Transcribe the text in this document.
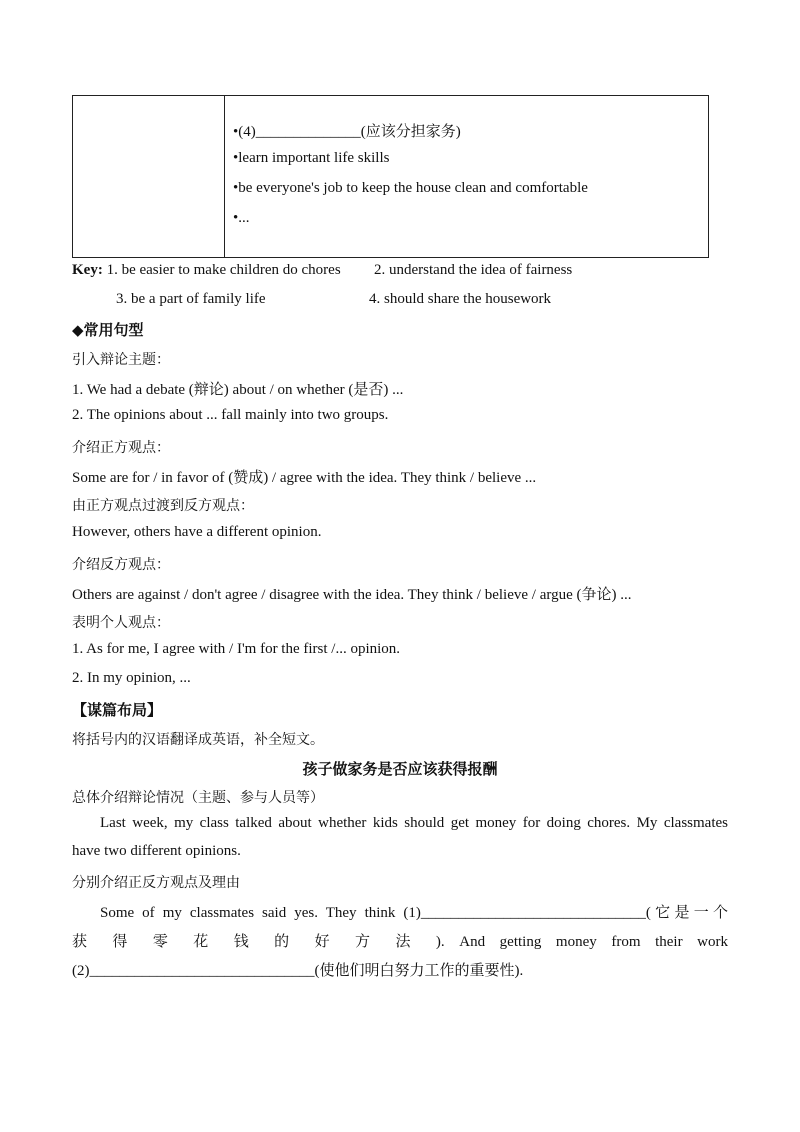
•(4)______________(应该分担家务)
•learn important life skills
•be everyone's job to keep the house clean and comfortable
•...
Key: 1. be easier to make children do chores 2. understand the idea of fairness
3. be a part of family life	4. should share the housework
◆常用句型
引入辩论主题：
1. We had a debate (辩论) about / on whether (是否) ...
2. The opinions about ... fall mainly into two groups.
介绍正方观点：
Some are for / in favor of (赞成) / agree with the idea. They think / believe ...
由正方观点过渡到反方观点：
However, others have a different opinion.
介绍反方观点：
Others are against / don't agree / disagree with the idea. They think / believe / argue (争论) ...
表明个人观点：
1. As for me, I agree with / I'm for the first /... opinion.
2. In my opinion, ...
【谋篇布局】
将括号内的汉语翻译成英语，补全短文。
孩子做家务是否应该获得报酬
总体介绍辩论情况（主题、参与人员等）
Last week, my class talked about whether kids should get money for doing chores. My classmates
have two different opinions.
分别介绍正反方观点及理由
Some of my classmates said yes. They think (1)______________________________(它是一个
获 得 零 花 钱 的 好 方 法 ). And getting money from their work
(2)______________________________(使他们明白努力工作的重要性).
